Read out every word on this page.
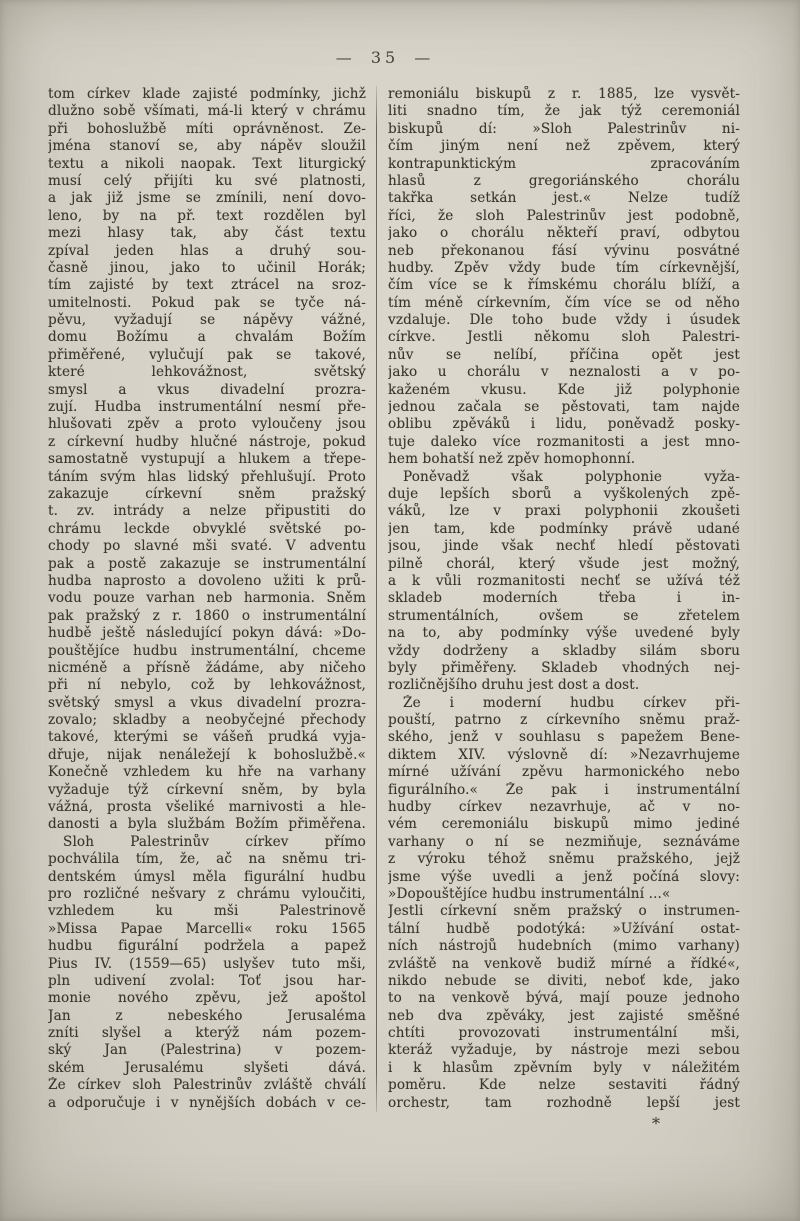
— 35 —
tom církev klade zajisté podmínky, jichž
dlužno sobě všímati, má-li který v chrámu
při bohoslužbě míti oprávněnost. Ze-
jména stanoví se, aby nápěv sloužil
textu a nikoli naopak. Text liturgický
musí celý přijíti ku své platnosti,
a jak již jsme se zmínili, není dovo-
leno, by na př. text rozdělen byl
mezi hlasy tak, aby část textu
zpíval jeden hlas a druhý sou-
časně jinou, jako to učinil Horák;
tím zajisté by text ztrácel na sroz-
umitelnosti. Pokud pak se tyče ná-
pěvu, vyžadují se nápěvy vážné,
domu Božímu a chvalám Božím
přiměřené, vylučují pak se takové,
které lehkovážnost, světský
smysl a vkus divadelní prozra-
zují. Hudba instrumentální nesmí pře-
hlušovati zpěv a proto vyloučeny jsou
z církevní hudby hlučné nástroje, pokud
samostatně vystupují a hlukem a třepe-
táním svým hlas lidský přehlušují. Proto
zakazuje církevní sněm pražský
t. zv. intrády a nelze připustiti do
chrámu leckde obvyklé světské po-
chody po slavné mši svaté. V adventu
pak a postě zakazuje se instrumentální
hudba naprosto a dovoleno užiti k prů-
vodu pouze varhan neb harmonia. Sněm
pak pražský z r. 1860 o instrumentální
hudbě ještě následující pokyn dává: »Do-
pouštějíce hudbu instrumentální, chceme
nicméně a přísně žádáme, aby ničeho
při ní nebylo, což by lehkovážnost,
světský smysl a vkus divadelní prozra-
zovalo; skladby a neobyčejné přechody
takové, kterými se vášeň prudká vyja-
dřuje, nijak nenáležejí k bohoslužbě.«
Konečně vzhledem ku hře na varhany
vyžaduje týž církevní sněm, by byla
vážná, prosta všeliké marnivosti a hle-
danosti a byla službám Božím přiměřena.
Sloh Palestrinův církev přímo
pochválila tím, že, ač na sněmu tri-
dentském úmysl měla figurální hudbu
pro rozličné nešvary z chrámu vyloučiti,
vzhledem ku mši Palestrinově
»Missa Papae Marcelli« roku 1565
hudbu figurální podržela a papež
Pius IV. (1559—65) uslyšev tuto mši,
pln udivení zvolal: Toť jsou har-
monie nového zpěvu, jež apoštol
Jan z nebeského Jerusaléma
zníti slyšel a kterýž nám pozem-
ský Jan (Palestrina) v pozem-
ském Jerusalému slyšeti dává.
Že církev sloh Palestrinův zvláště chválí
a odporučuje i v nynějších dobách v ce-
remoniálu biskupů z r. 1885, lze vysvět-
liti snadno tím, že jak týž ceremoniál
biskupů dí: »Sloh Palestrinův ni-
čím jiným není než zpěvem, který
kontrapunktickým zpracováním
hlasů z gregoriánského chorálu
takřka setkán jest.« Nelze tudíž
říci, že sloh Palestrinův jest podobně,
jako o chorálu někteří praví, odbytou
neb překonanou fásí vývinu posvátné
hudby. Zpěv vždy bude tím církevnější,
čím více se k římskému chorálu blíží, a
tím méně církevním, čím více se od něho
vzdaluje. Dle toho bude vždy i úsudek
církve. Jestli někomu sloh Palestri-
nův se nelíbí, příčina opět jest
jako u chorálu v neznalosti a v po-
kaženém vkusu. Kde již polyphonie
jednou začala se pěstovati, tam najde
oblibu zpěváků i lidu, poněvadž posky-
tuje daleko více rozmanitosti a jest mno-
hem bohatší než zpěv homophonní.
Poněvadž však polyphonie vyža-
duje lepších sborů a vyškolených zpě-
váků, lze v praxi polyphonii zkoušeti
jen tam, kde podmínky právě udané
jsou, jinde však nechť hledí pěstovati
pilně chorál, který všude jest možný,
a k vůli rozmanitosti nechť se užívá též
skladeb moderních třeba i in-
strumentálních, ovšem se zřetelem
na to, aby podmínky výše uvedené byly
vždy dodrženy a skladby silám sboru
byly přiměřeny. Skladeb vhodných nej-
rozličnějšího druhu jest dost a dost.
Že i moderní hudbu církev při-
pouští, patrno z církevního sněmu praž-
ského, jenž v souhlasu s papežem Bene-
diktem XIV. výslovně dí: »Nezavrhujeme
mírné užívání zpěvu harmonického nebo
figurálního.« Že pak i instrumentální
hudby církev nezavrhuje, ač v no-
vém ceremoniálu biskupů mimo jediné
varhany o ní se nezmiňuje, seznáváme
z výroku téhož sněmu pražského, jejž
jsme výše uvedli a jenž počíná slovy:
»Dopouštějíce hudbu instrumentální ...«
Jestli církevní sněm pražský o instrumen-
tální hudbě podotýká: »Užívání ostat-
ních nástrojů hudebních (mimo varhany)
zvláště na venkově budiž mírné a řídké«,
nikdo nebude se diviti, neboť kde, jako
to na venkově bývá, mají pouze jednoho
neb dva zpěváky, jest zajisté směšné
chtíti provozovati instrumentální mši,
kteráž vyžaduje, by nástroje mezi sebou
i k hlasům zpěvním byly v náležitém
poměru. Kde nelze sestaviti řádný
orchestr, tam rozhodně lepší jest
*
